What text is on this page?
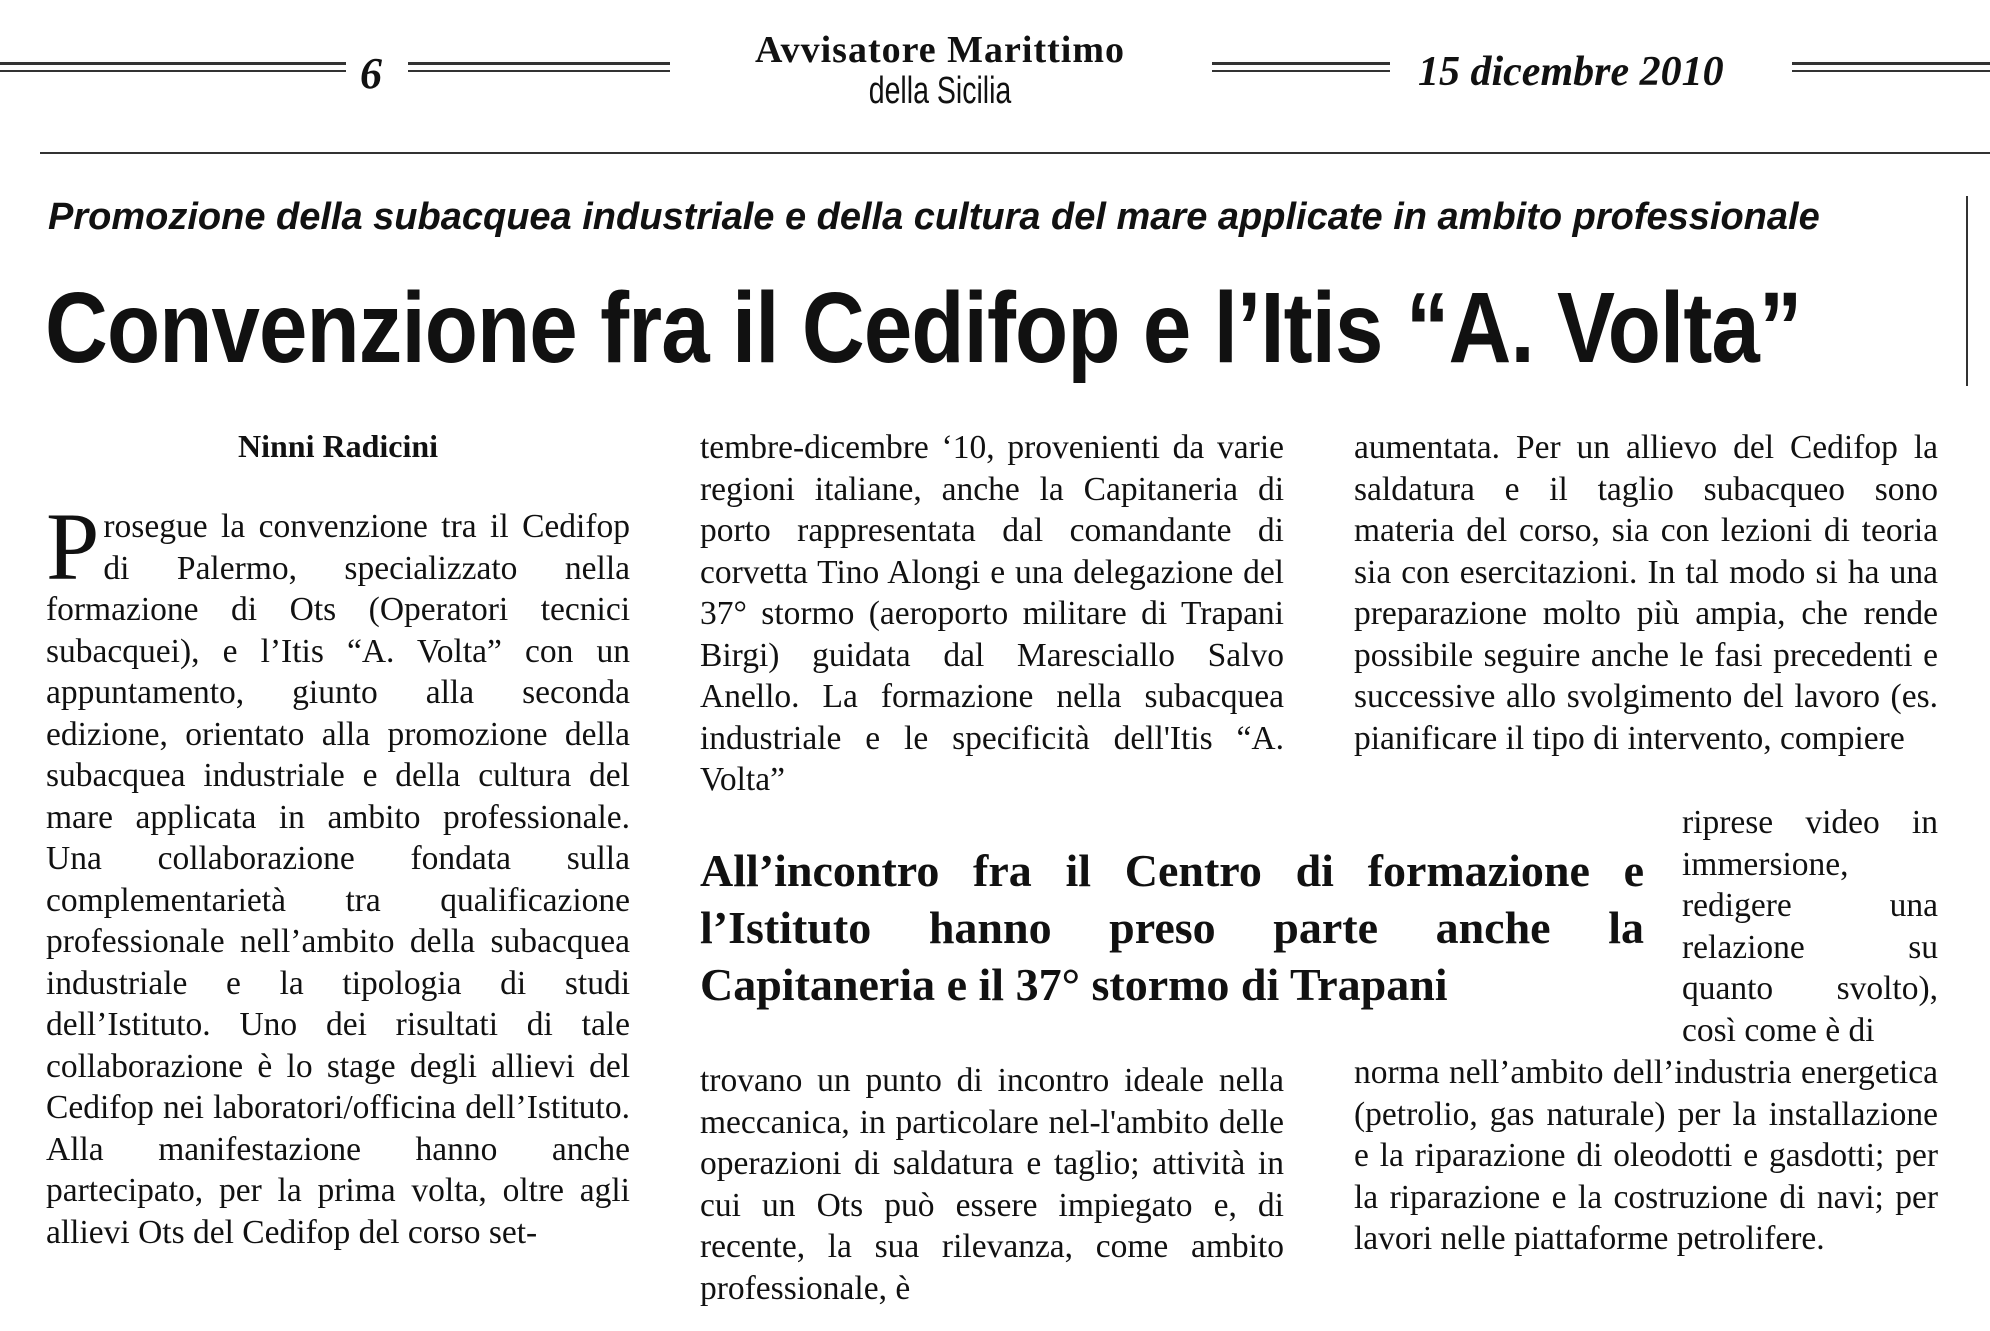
6	Avvisatore Marittimo
della Sicilia	15 dicembre 2010
Promozione della subacquea industriale e della cultura del mare applicate in ambito professionale
Convenzione fra il Cedifop e l’Itis “A. Volta”
Ninni Radicini
P rosegue la convenzione tra il Cedifop di Palermo, specializzato nella formazione di Ots (Operatori tecnici subacquei), e l’Itis “A. Volta” con un appuntamento, giunto alla seconda edizione, orientato alla promozione della subacquea industriale e della cultura del mare applicata in ambito professionale. Una collaborazione fondata sulla complementarietà tra qualificazione professionale nell’ambito della subacquea industriale e la tipologia di studi dell’Istituto. Uno dei risultati di tale collaborazione è lo stage degli allievi del Cedifop nei laboratori/officina dell’Istituto. Alla manifestazione hanno anche partecipato, per la prima volta, oltre agli allievi Ots del Cedifop del corso set-
tembre-dicembre ‘10, provenienti da varie regioni italiane, anche la Capitaneria di porto rappresentata dal comandante di corvetta Tino Alongi e una delegazione del 37° stormo (aeroporto militare di Trapani Birgi) guidata dal Maresciallo Salvo Anello. La formazione nella subacquea industriale e le specificità dell'Itis “A. Volta”
All’incontro fra il Centro di formazione e l’Istituto hanno preso parte anche la Capitaneria e il 37° stormo di Trapani
trovano un punto di incontro ideale nella meccanica, in particolare nel-l'ambito delle operazioni di saldatura e taglio; attività in cui un Ots può essere impiegato e, di recente, la sua rilevanza, come ambito professionale, è
aumentata. Per un allievo del Cedifop la saldatura e il taglio subacqueo sono materia del corso, sia con lezioni di teoria sia con esercitazioni. In tal modo si ha una preparazione molto più ampia, che rende possibile seguire anche le fasi precedenti e successive allo svolgimento del lavoro (es. pianificare il tipo di intervento, compiere
riprese video in immersione, redigere una relazione su quanto svolto), così come è di
norma nell’ambito dell’industria energetica (petrolio, gas naturale) per la installazione e la riparazione di oleodotti e gasdotti; per la riparazione e la costruzione di navi; per lavori nelle piattaforme petrolifere.
